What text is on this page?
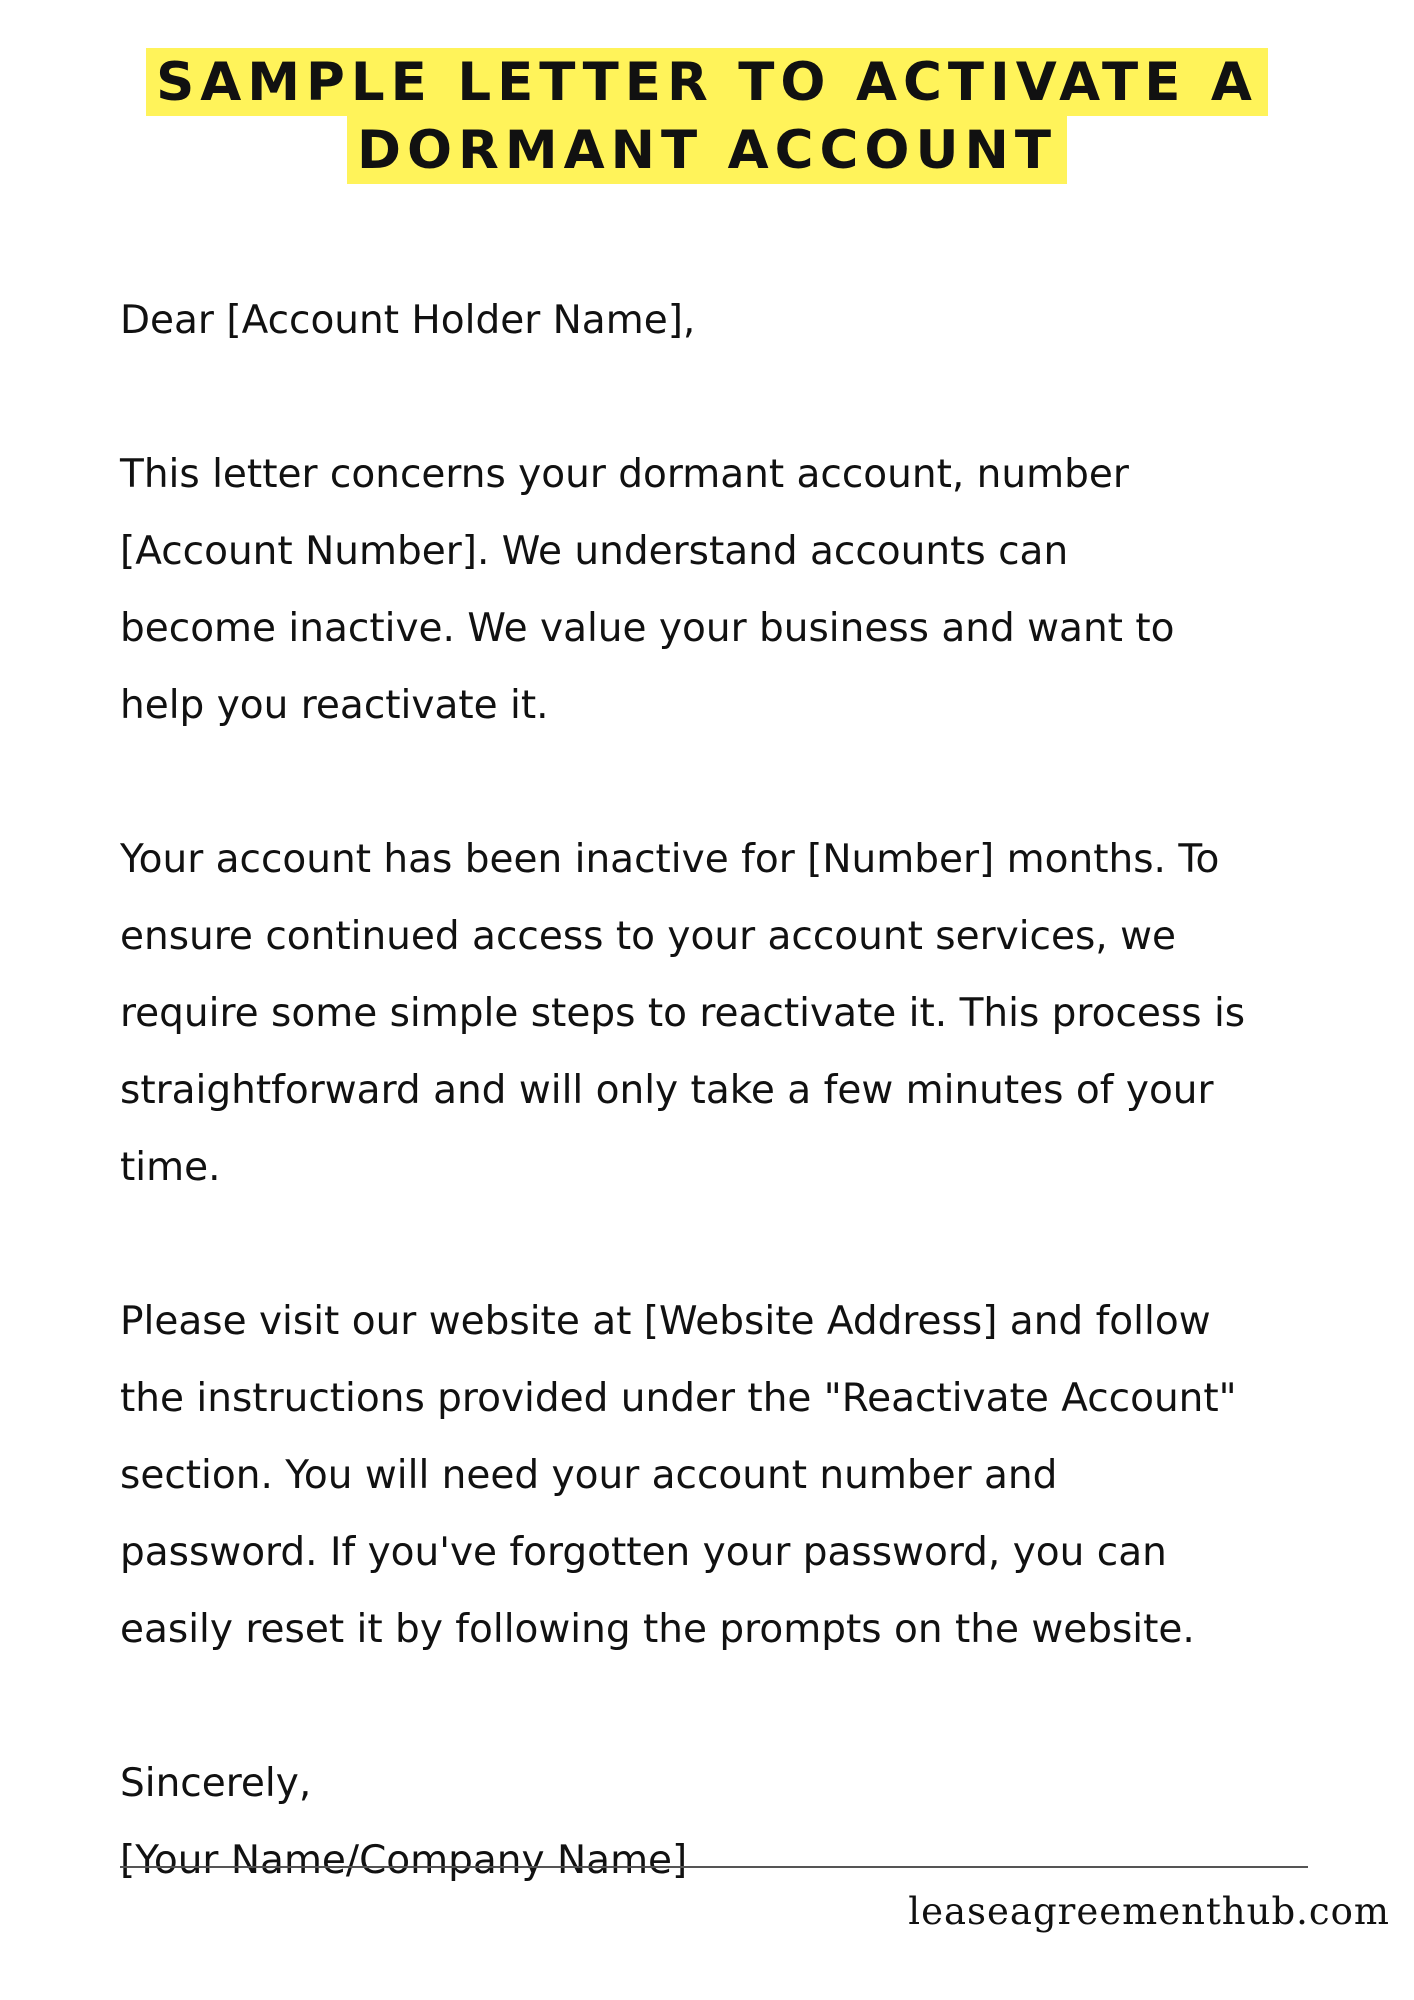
SAMPLE LETTER TO ACTIVATE A
DORMANT ACCOUNT
Dear [Account Holder Name],
This letter concerns your dormant account, number
[Account Number]. We understand accounts can
become inactive. We value your business and want to
help you reactivate it.
Your account has been inactive for [Number] months. To
ensure continued access to your account services, we
require some simple steps to reactivate it. This process is
straightforward and will only take a few minutes of your
time.
Please visit our website at [Website Address] and follow
the instructions provided under the "Reactivate Account"
section. You will need your account number and
password. If you've forgotten your password, you can
easily reset it by following the prompts on the website.
Sincerely,
[Your Name/Company Name]
leaseagreementhub.com
